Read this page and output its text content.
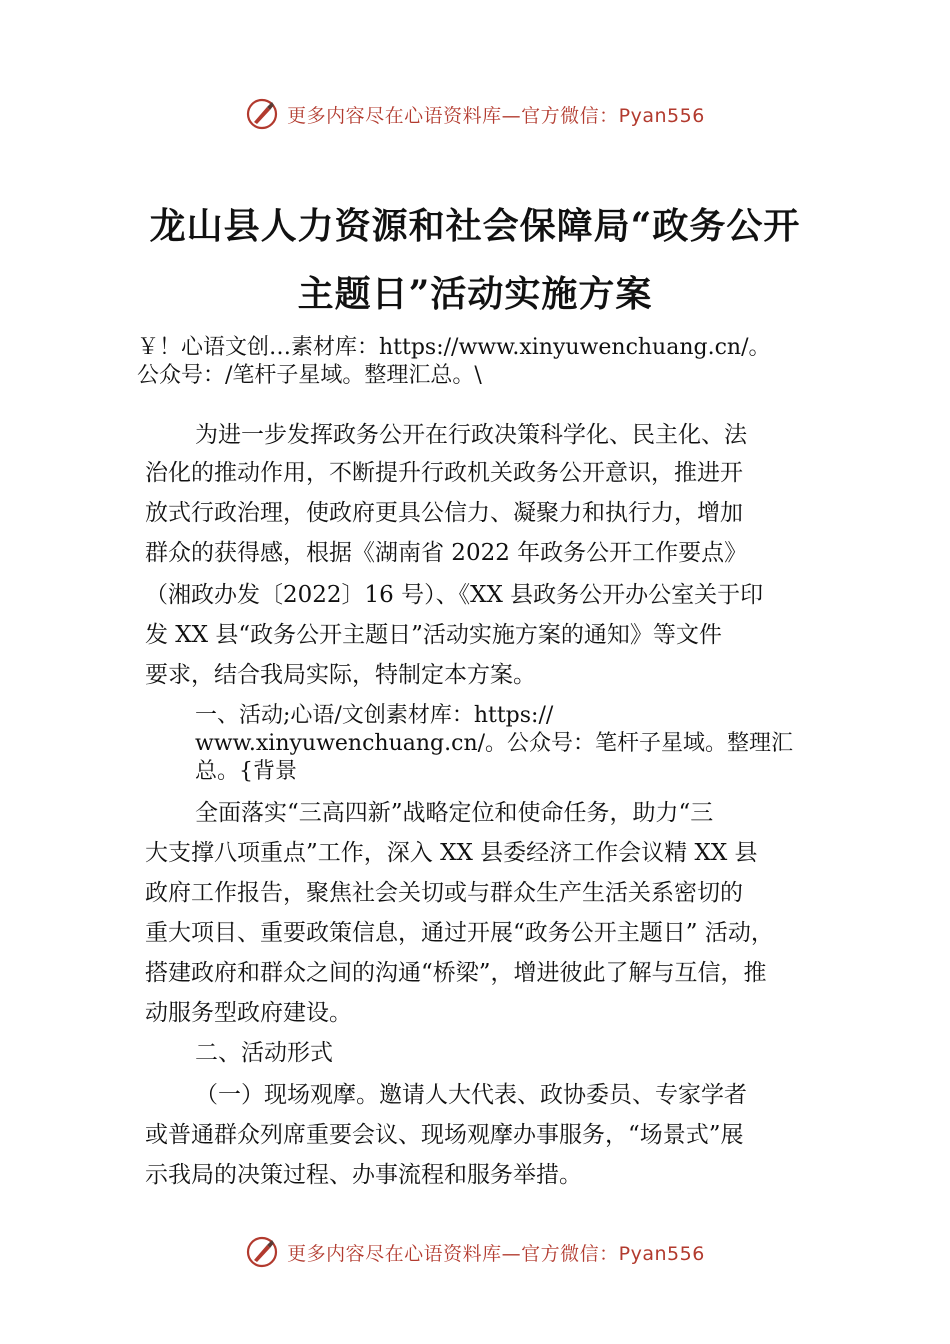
更多内容尽在心语资料库—官方微信：Pyan556
龙山县人力资源和社会保障局“政务公开
主题日”活动实施方案
￥！心语文创…素材库：https://www.xinyuwenchuang.cn/。
公众号：/笔杆子星域。整理汇总。\
为进一步发挥政务公开在行政决策科学化、民主化、法
治化的推动作用，不断提升行政机关政务公开意识，推进开
放式行政治理，使政府更具公信力、凝聚力和执行力，增加
群众的获得感，根据《湖南省 2022 年政务公开工作要点》
（湘政办发〔2022〕16 号）、《XX 县政务公开办公室关于印
发 XX 县“政务公开主题日”活动实施方案的通知》等文件
要求，结合我局实际，特制定本方案。
一、活动;心语/文创素材库：https://
www.xinyuwenchuang.cn/。公众号：笔杆子星域。整理汇
总。{背景
全面落实“三高四新”战略定位和使命任务，助力“三
大支撑八项重点”工作，深入 XX 县委经济工作会议精 XX 县
政府工作报告，聚焦社会关切或与群众生产生活关系密切的
重大项目、重要政策信息，通过开展“政务公开主题日” 活动，
搭建政府和群众之间的沟通“桥梁”，增进彼此了解与互信，推
动服务型政府建设。
二、活动形式
（一）现场观摩。邀请人大代表、政协委员、专家学者
或普通群众列席重要会议、现场观摩办事服务，“场景式”展
示我局的决策过程、办事流程和服务举措。
更多内容尽在心语资料库—官方微信：Pyan556
